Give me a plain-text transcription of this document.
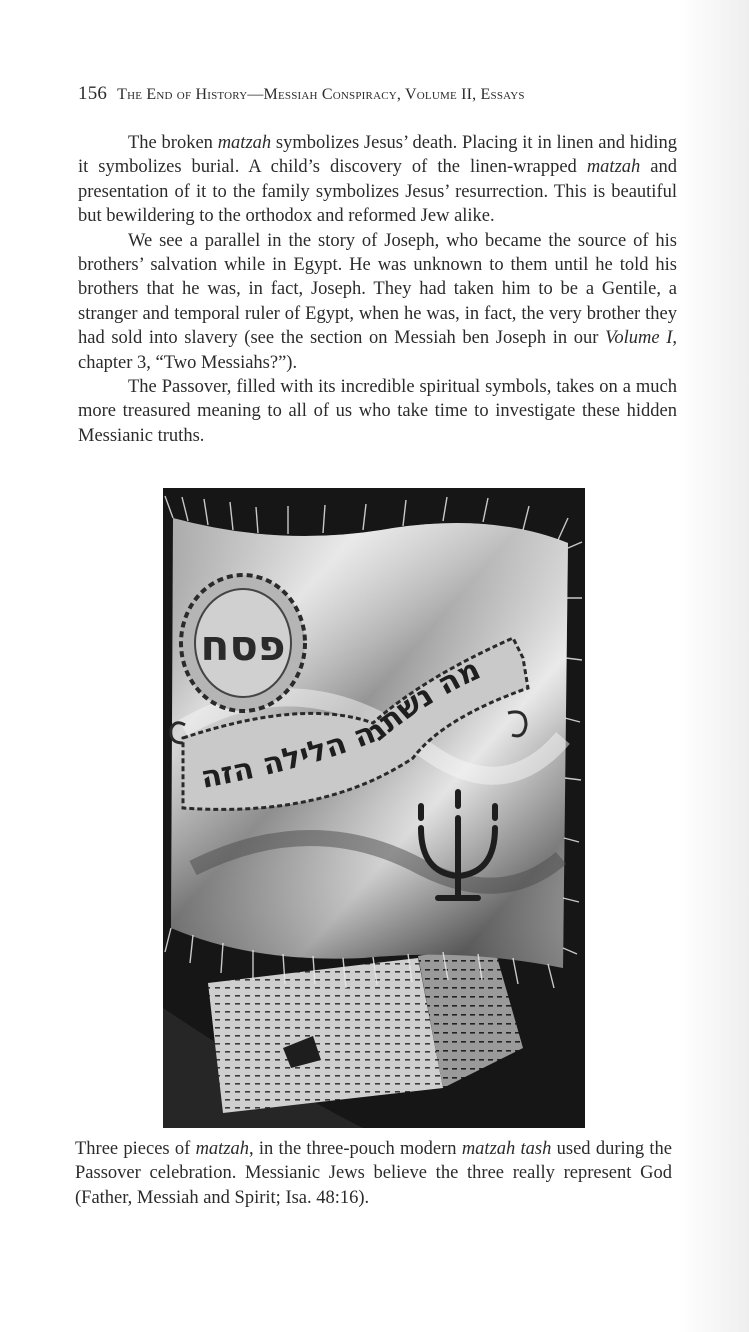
156 The End of History—Messiah Conspiracy, Volume II, Essays

The broken matzah symbolizes Jesus’ death. Placing it in linen and hiding it symbolizes burial. A child’s discovery of the linen-wrapped matzah and presentation of it to the family symbolizes Jesus’ resurrection. This is beautiful but bewildering to the orthodox and reformed Jew alike.

We see a parallel in the story of Joseph, who became the source of his brothers’ salvation while in Egypt. He was unknown to them until he told his brothers that he was, in fact, Joseph. They had taken him to be a Gentile, a stranger and temporal ruler of Egypt, when he was, in fact, the very brother they had sold into slavery (see the section on Messiah ben Joseph in our Volume I, chapter 3, “Two Messiahs?”).

The Passover, filled with its incredible spiritual symbols, takes on a much more treasured meaning to all of us who take time to investigate these hidden Messianic truths.

פסח
מה נשתנה הלילה הזה

Three pieces of matzah, in the three-pouch modern matzah tash used during the Passover celebration. Messianic Jews believe the three really represent God (Father, Messiah and Spirit; Isa. 48:16).
